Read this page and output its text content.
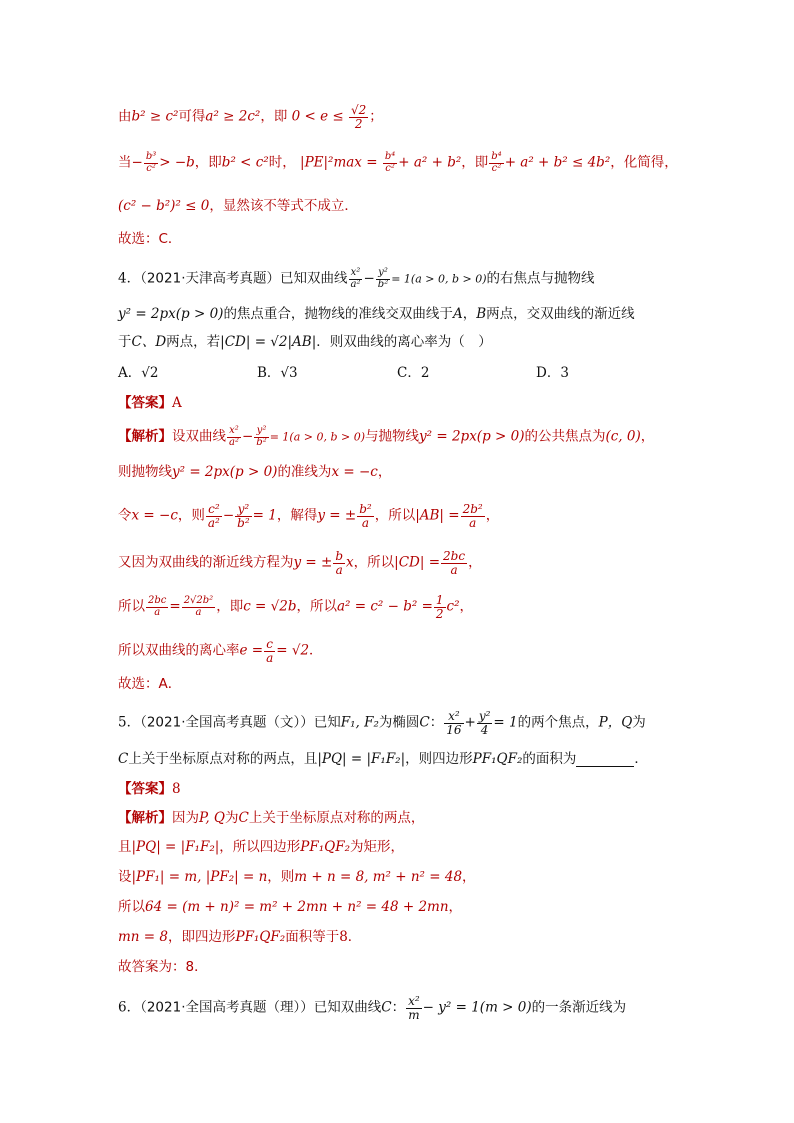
由b² ≥ c²可得a² ≥ 2c²，即 $0 < e \le \frac{√2}{2}$ ；
当− $\frac{\text{b³}}{\text{c²}} > -b$，即b² < c²时， $|PE|^2\max = \frac{\text{b⁴}}{\text{c²}} + a^2 + b^2$，即 $\frac{\text{b⁴}}{\text{c²}} + a^2 + b^2 \le 4b^2$，化简得，
(c² − b²)² ≤ 0，显然该不等式不成立．
故选：C．
4．（2021·天津高考真题）已知双曲线 $\frac{\text{x²}}{\text{a²}} - \frac{\text{y²}}{\text{b²}} = 1(a > 0$, b > 0)的右焦点与抛物线
y² = 2px(p > 0)的焦点重合，抛物线的准线交双曲线于A，B两点，交双曲线的渐近线
于C、D两点，若|CD| = √2|AB|．则双曲线的离心率为（　）
A．√2	B．√3	C．2	D．3
【答案】A
【解析】设双曲线 $\frac{\text{x²}}{\text{a²}} - \frac{\text{y²}}{\text{b²}} = 1(a > 0$, b > 0)与抛物线y² = 2px(p > 0)的公共焦点为(c, 0)，
则抛物线y² = 2px(p > 0)的准线为x = −c，
令x = −c，则 $\frac{\text{c²}}{\text{a²}} - \frac{\text{y²}}{\text{b²}} = 1$，解得y = ± $\frac{\text{b²}}{a}$ ，所以$|AB| = \frac{\text{2b²}}{a}$ ，
又因为双曲线的渐近线方程为y = ± $\frac{b}{a}$ x，所以$|CD| = \frac{2bc}{a}$ ，
所以 $\frac{2bc}{a} = \frac{\text{2√2b²}}{a}$ ，即c = √2b，所以$a^2 = c^2 - b^2 = \frac{1}{2} c^2$，
所以双曲线的离心率$e = \frac{c}{a} = √2$．
故选：A．
5．（2021·全国高考真题（文））已知F₁, F₂为椭圆C： $\frac{\text{x²}}{16} + \frac{\text{y²}}{4} = 1$的两个焦点，P，Q为
C上关于坐标原点对称的两点，且|PQ| = |F₁F₂|，则四边形PF₁QF₂的面积为	．
【答案】8
【解析】因为P, Q为C上关于坐标原点对称的两点，
且|PQ| = |F₁F₂|，所以四边形PF₁QF₂为矩形，
设|PF₁| = m, |PF₂| = n，则m + n = 8, m² + n² = 48，
所以64 = (m + n)² = m² + 2mn + n² = 48 + 2mn，
mn = 8，即四边形PF₁QF₂面积等于8．
故答案为：8．
6．（2021·全国高考真题（理））已知双曲线C： $\frac{\text{x²}}{m} - y^2 = 1(m > 0)$的一条渐近线为
